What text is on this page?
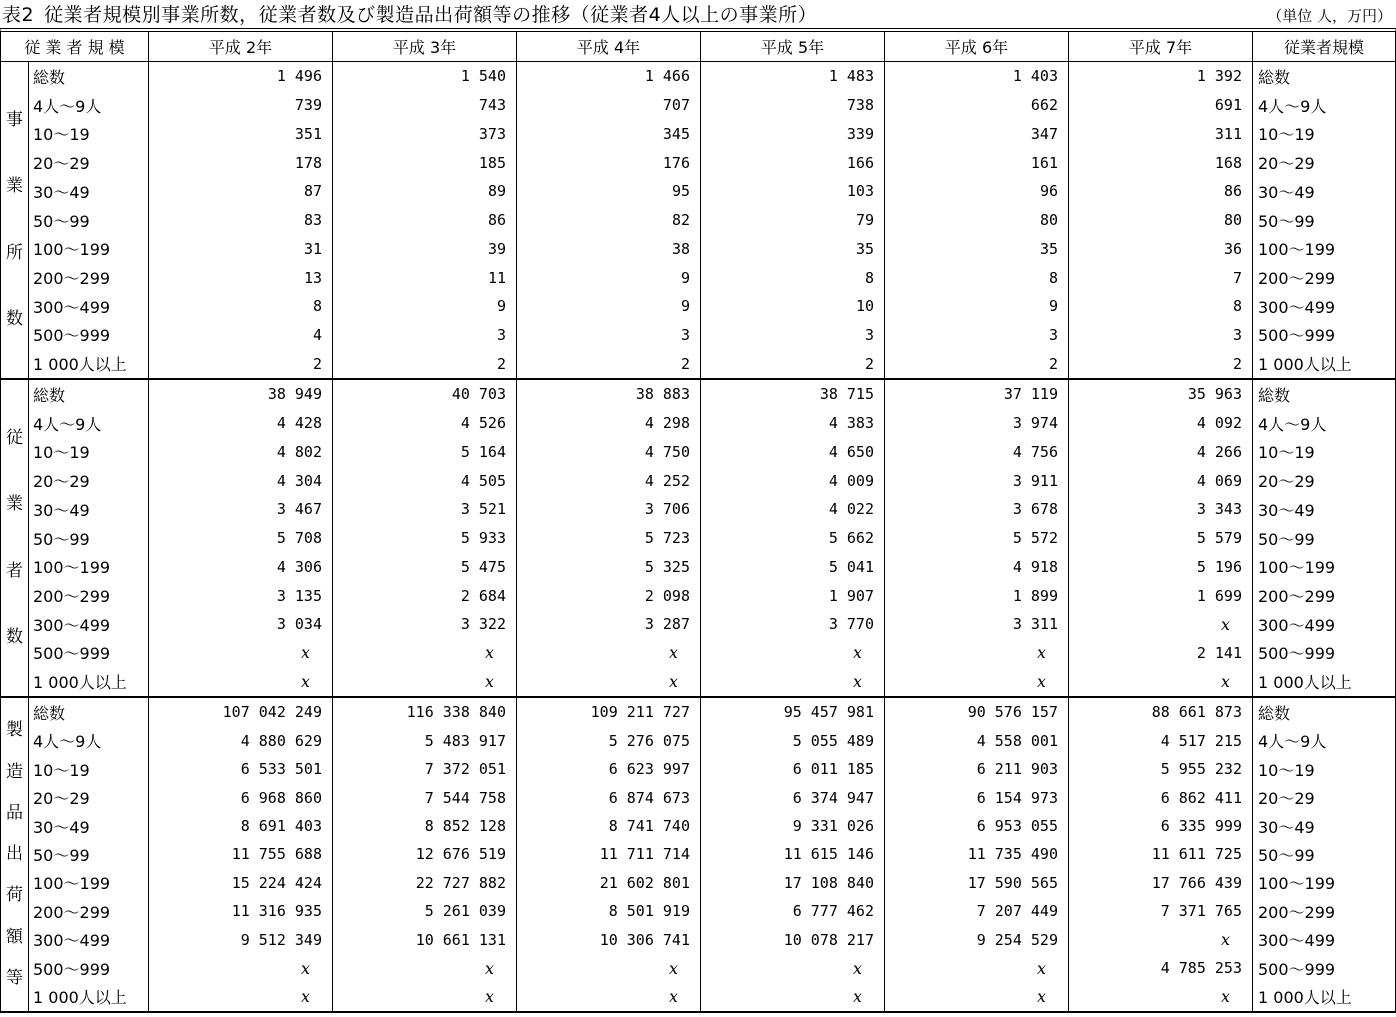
表2 従業者規模別事業所数，従業者数及び製造品出荷額等の推移（従業者4人以上の事業所）	（単位 人，万円）
従 業 者 規 模	平成 2年	平成 3年	平成 4年	平成 5年	平成 6年	平成 7年	従業者規模
事
業
所
数
総数	1 496	1 540	1 466	1 483	1 403	1 392	総数
4人～9人	739	743	707	738	662	691	4人～9人
10～19	351	373	345	339	347	311	10～19
20～29	178	185	176	166	161	168	20～29
30～49	87	89	95	103	96	86	30～49
50～99	83	86	82	79	80	80	50～99
100～199	31	39	38	35	35	36	100～199
200～299	13	11	9	8	8	7	200～299
300～499	8	9	9	10	9	8	300～499
500～999	4	3	3	3	3	3	500～999
1 000人以上	2	2	2	2	2	2	1 000人以上
従
業
者
数
総数	38 949	40 703	38 883	38 715	37 119	35 963	総数
4人～9人	4 428	4 526	4 298	4 383	3 974	4 092	4人～9人
10～19	4 802	5 164	4 750	4 650	4 756	4 266	10～19
20～29	4 304	4 505	4 252	4 009	3 911	4 069	20～29
30～49	3 467	3 521	3 706	4 022	3 678	3 343	30～49
50～99	5 708	5 933	5 723	5 662	5 572	5 579	50～99
100～199	4 306	5 475	5 325	5 041	4 918	5 196	100～199
200～299	3 135	2 684	2 098	1 907	1 899	1 699	200～299
300～499	3 034	3 322	3 287	3 770	3 311	x	300～499
500～999	x	x	x	x	x	2 141	500～999
1 000人以上	x	x	x	x	x	x	1 000人以上
製
造
品
出
荷
額
等
総数	107 042 249	116 338 840	109 211 727	95 457 981	90 576 157	88 661 873	総数
4人～9人	4 880 629	5 483 917	5 276 075	5 055 489	4 558 001	4 517 215	4人～9人
10～19	6 533 501	7 372 051	6 623 997	6 011 185	6 211 903	5 955 232	10～19
20～29	6 968 860	7 544 758	6 874 673	6 374 947	6 154 973	6 862 411	20～29
30～49	8 691 403	8 852 128	8 741 740	9 331 026	6 953 055	6 335 999	30～49
50～99	11 755 688	12 676 519	11 711 714	11 615 146	11 735 490	11 611 725	50～99
100～199	15 224 424	22 727 882	21 602 801	17 108 840	17 590 565	17 766 439	100～199
200～299	11 316 935	5 261 039	8 501 919	6 777 462	7 207 449	7 371 765	200～299
300～499	9 512 349	10 661 131	10 306 741	10 078 217	9 254 529	x	300～499
500～999	x	x	x	x	x	4 785 253	500～999
1 000人以上	x	x	x	x	x	x	1 000人以上
